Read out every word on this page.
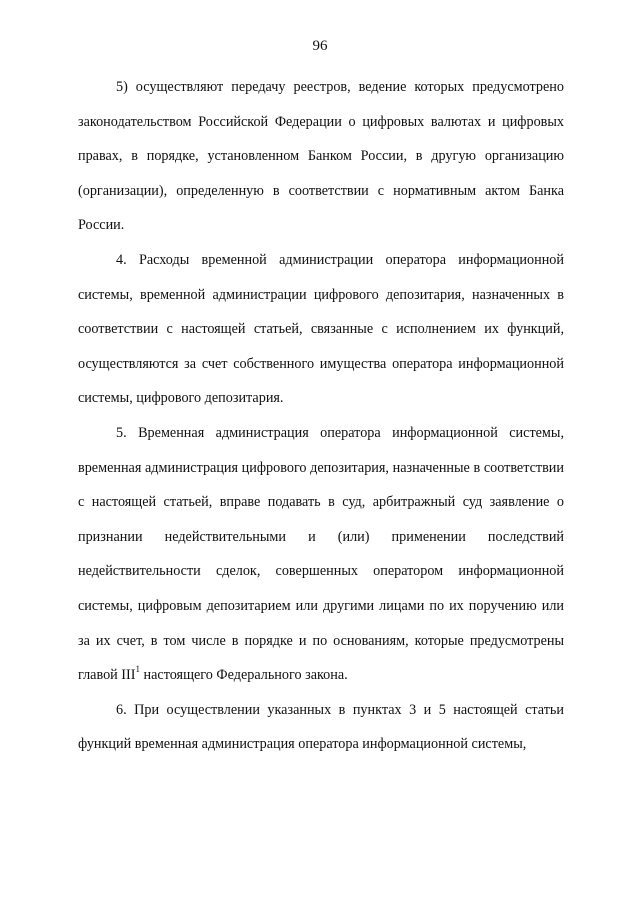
96

5) осуществляют передачу реестров, ведение которых предусмотрено законодательством Российской Федерации о цифровых валютах и цифровых правах, в порядке, установленном Банком России, в другую организацию (организации), определенную в соответствии с нормативным актом Банка России.

4. Расходы временной администрации оператора информационной системы, временной администрации цифрового депозитария, назначенных в соответствии с настоящей статьей, связанные с исполнением их функций, осуществляются за счет собственного имущества оператора информационной системы, цифрового депозитария.

5. Временная администрация оператора информационной системы, временная администрация цифрового депозитария, назначенные в соответствии с настоящей статьей, вправе подавать в суд, арбитражный суд заявление о признании недействительными и (или) применении последствий недействительности сделок, совершенных оператором информационной системы, цифровым депозитарием или другими лицами по их поручению или за их счет, в том числе в порядке и по основаниям, которые предусмотрены главой III$^1$ настоящего Федерального закона.

6. При осуществлении указанных в пунктах 3 и 5 настоящей статьи функций временная администрация оператора информационной системы,
